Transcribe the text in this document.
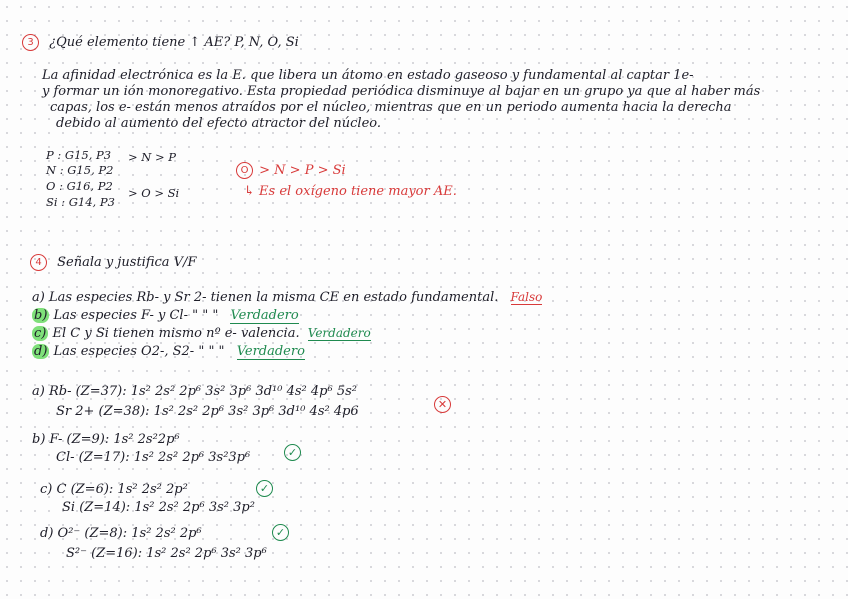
3 ¿Qué elemento tiene ↑ AE? P, N, O, Si
La afinidad electrónica es la E. que libera un átomo en estado gaseoso y fundamental al captar 1e-
y formar un ión monoregativo. Esta propiedad periódica disminuye al bajar en un grupo ya que al haber más
capas, los e- están menos atraídos por el núcleo, mientras que en un periodo aumenta hacia la derecha
debido al aumento del efecto atractor del núcleo.
P : G15, P3
N : G15, P2
O : G16, P2
Si : G14, P3
> N > P
> O > Si
O > N > P > Si
↳ Es el oxígeno tiene mayor AE.
4 Señala y justifica V/F
a) Las especies Rb- y Sr 2- tienen la misma CE en estado fundamental. Falso
b) Las especies F- y Cl- " " " Verdadero
c) El C y Si tienen mismo nº e- valencia. Verdadero
d) Las especies O2-, S2- " " " Verdadero
a) Rb- (Z=37): 1s² 2s² 2p⁶ 3s² 3p⁶ 3d¹⁰ 4s² 4p⁶ 5s²
Sr 2+ (Z=38): 1s² 2s² 2p⁶ 3s² 3p⁶ 3d¹⁰ 4s² 4p6	✕
b) F- (Z=9): 1s² 2s²2p⁶
Cl- (Z=17): 1s² 2s² 2p⁶ 3s²3p⁶	✓
c) C (Z=6): 1s² 2s² 2p²
Si (Z=14): 1s² 2s² 2p⁶ 3s² 3p²
✓
d) O²⁻ (Z=8): 1s² 2s² 2p⁶
S²⁻ (Z=16): 1s² 2s² 2p⁶ 3s² 3p⁶
✓
